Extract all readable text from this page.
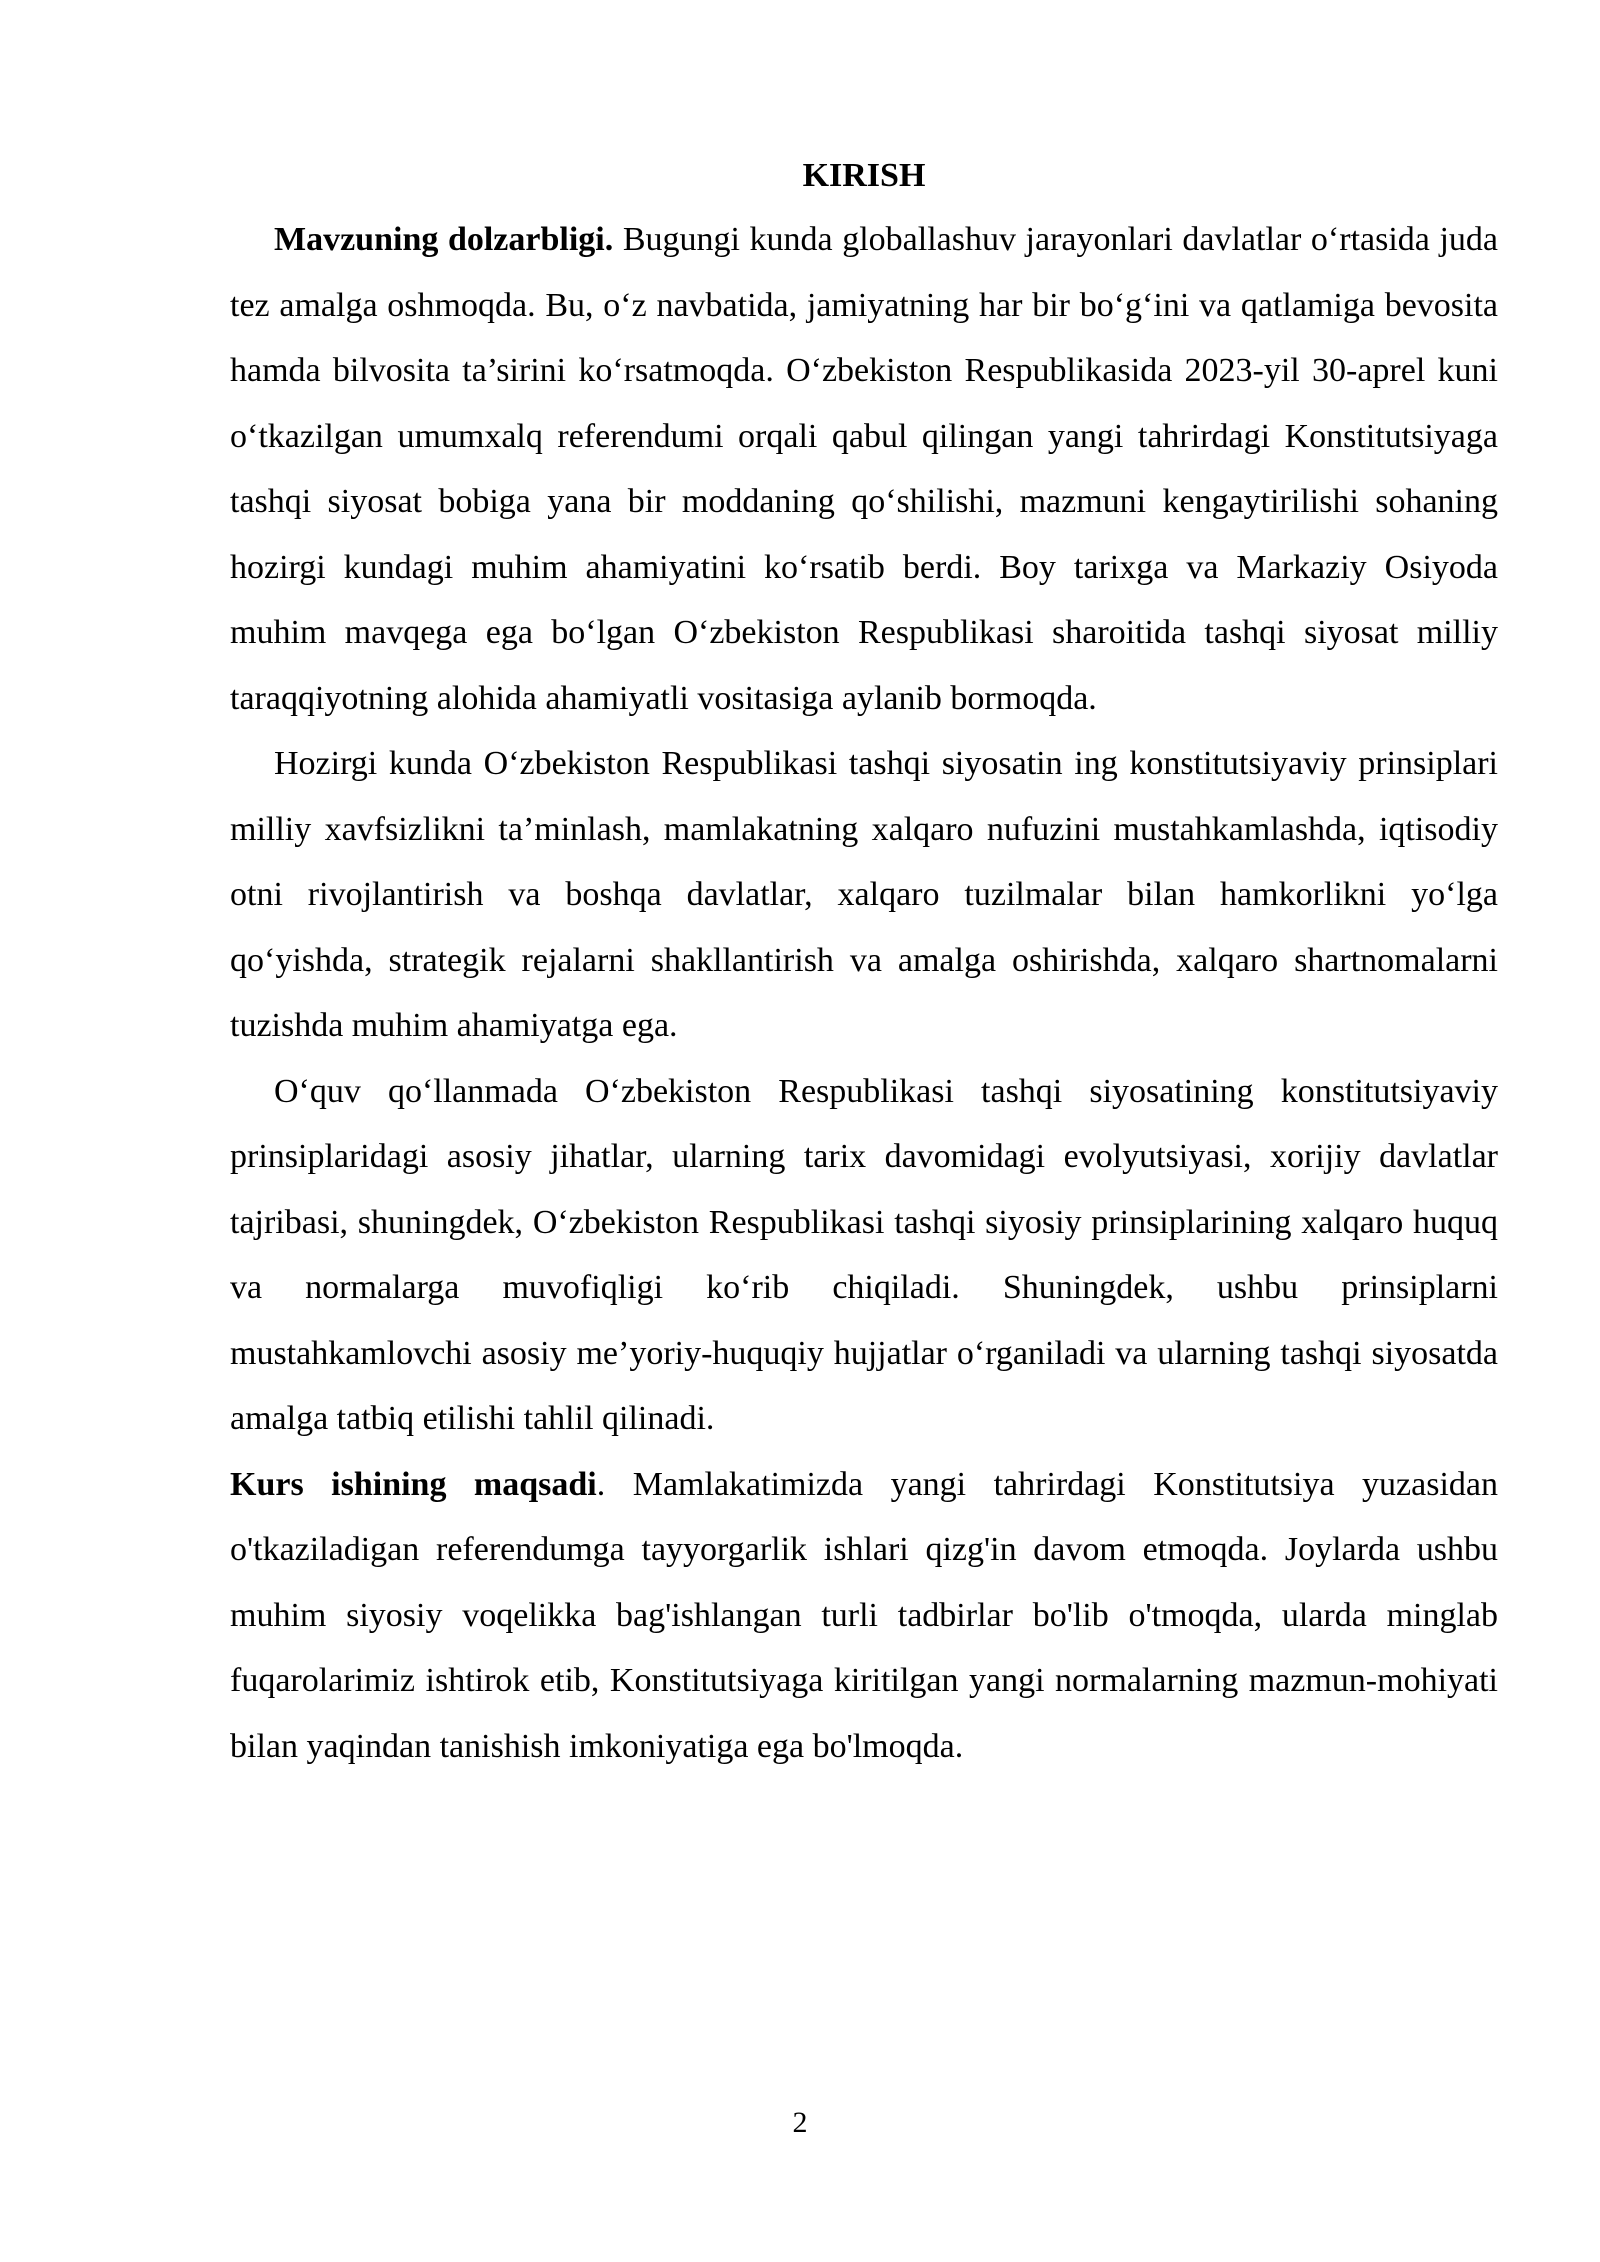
KIRISH

Mavzuning dolzarbligi. Bugungi kunda globallashuv jarayonlari davlatlar o‘rtasida juda tez amalga oshmoqda. Bu, o‘z navbatida, jamiyatning har bir bo‘g‘ini va qatlamiga bevosita hamda bilvosita ta’sirini ko‘rsatmoqda. O‘zbekiston Respublikasida 2023-yil 30-aprel kuni o‘tkazilgan umumxalq referendumi orqali qabul qilingan yangi tahrirdagi Konstitutsiyaga tashqi siyosat bobiga yana bir moddaning qo‘shilishi, mazmuni kengaytirilishi sohaning hozirgi kundagi muhim ahamiyatini ko‘rsatib berdi. Boy tarixga va Markaziy Osiyoda muhim mavqega ega bo‘lgan O‘zbekiston Respublikasi sharoitida tashqi siyosat milliy taraqqiyotning alohida ahamiyatli vositasiga aylanib bormoqda.

Hozirgi kunda O‘zbekiston Respublikasi tashqi siyosatin ing konstitutsiyaviy prinsiplari milliy xavfsizlikni ta’minlash, mamlakatning xalqaro nufuzini mustahkamlashda, iqtisodiy otni rivojlantirish va boshqa davlatlar, xalqaro tuzilmalar bilan hamkorlikni yo‘lga qo‘yishda, strategik rejalarni shakllantirish va amalga oshirishda, xalqaro shartnomalarni tuzishda muhim ahamiyatga ega.

O‘quv qo‘llanmada O‘zbekiston Respublikasi tashqi siyosatining konstitutsiyaviy prinsiplaridagi asosiy jihatlar, ularning tarix davomidagi evolyutsiyasi, xorijiy davlatlar tajribasi, shuningdek, O‘zbekiston Respublikasi tashqi siyosiy prinsiplarining xalqaro huquq va normalarga muvofiqligi ko‘rib chiqiladi. Shuningdek, ushbu prinsiplarni mustahkamlovchi asosiy me’yoriy-huquqiy hujjatlar o‘rganiladi va ularning tashqi siyosatda amalga tatbiq etilishi tahlil qilinadi.

Kurs ishining maqsadi. Mamlakatimizda yangi tahrirdagi Konstitutsiya yuzasidan o'tkaziladigan referendumga tayyorgarlik ishlari qizg'in davom etmoqda. Joylarda ushbu muhim siyosiy voqelikka bag'ishlangan turli tadbirlar bo'lib o'tmoqda, ularda minglab fuqarolarimiz ishtirok etib, Konstitutsiyaga kiritilgan yangi normalarning mazmun-mohiyati bilan yaqindan tanishish imkoniyatiga ega bo'lmoqda.

2
